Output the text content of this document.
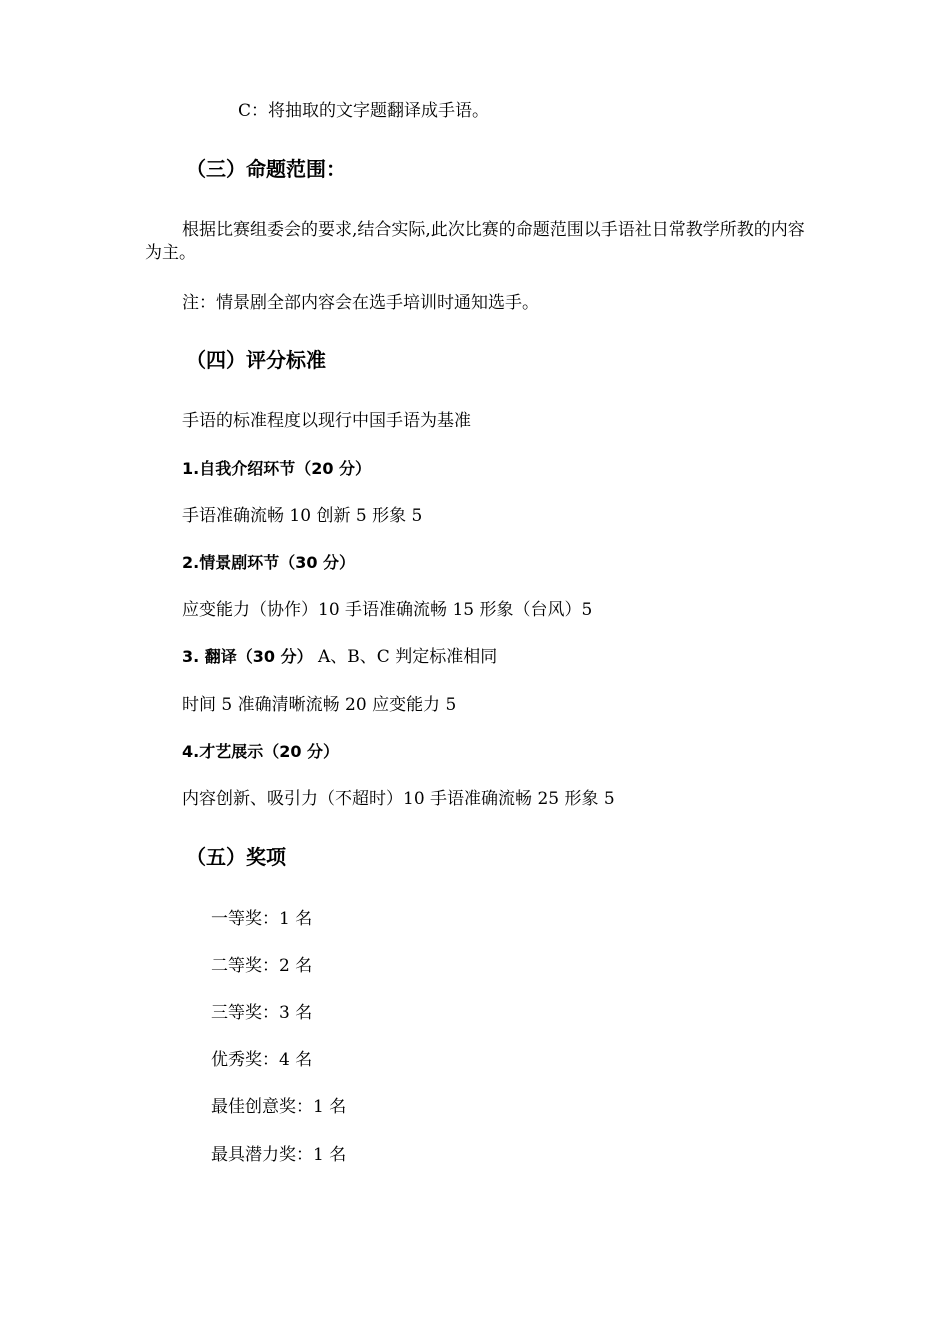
C：将抽取的文字题翻译成手语。
（三）命题范围：
根据比赛组委会的要求,结合实际,此次比赛的命题范围以手语社日常教学所教的内容为主。
注：情景剧全部内容会在选手培训时通知选手。
（四）评分标准
手语的标准程度以现行中国手语为基准
1.自我介绍环节（20 分）
手语准确流畅 10 创新 5 形象 5
2.情景剧环节（30 分）
应变能力（协作）10 手语准确流畅 15 形象（台风）5
3. 翻译（30 分） A、B、C 判定标准相同
时间 5 准确清晰流畅 20 应变能力 5
4.才艺展示（20 分）
内容创新、吸引力（不超时）10 手语准确流畅 25 形象 5
（五）奖项
一等奖：1 名
二等奖：2 名
三等奖：3 名
优秀奖：4 名
最佳创意奖：1 名
最具潜力奖：1 名
